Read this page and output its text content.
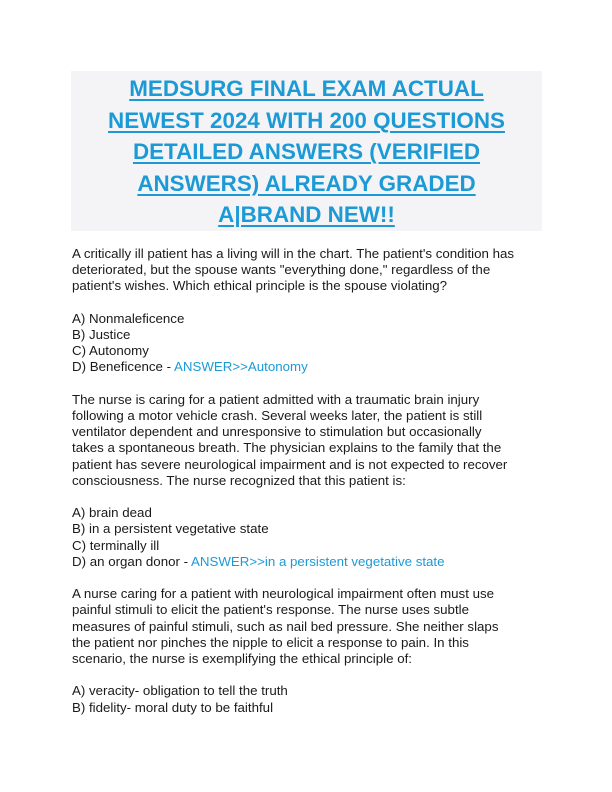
MEDSURG FINAL EXAM ACTUAL
NEWEST 2024 WITH 200 QUESTIONS
DETAILED ANSWERS (VERIFIED
ANSWERS) ALREADY GRADED
A|BRAND NEW!!

A critically ill patient has a living will in the chart. The patient's condition has
deteriorated, but the spouse wants "everything done," regardless of the
patient's wishes. Which ethical principle is the spouse violating?

A) Nonmaleficence
B) Justice
C) Autonomy
D) Beneficence - ANSWER>>Autonomy

The nurse is caring for a patient admitted with a traumatic brain injury
following a motor vehicle crash. Several weeks later, the patient is still
ventilator dependent and unresponsive to stimulation but occasionally
takes a spontaneous breath. The physician explains to the family that the
patient has severe neurological impairment and is not expected to recover
consciousness. The nurse recognized that this patient is:

A) brain dead
B) in a persistent vegetative state
C) terminally ill
D) an organ donor - ANSWER>>in a persistent vegetative state

A nurse caring for a patient with neurological impairment often must use
painful stimuli to elicit the patient's response. The nurse uses subtle
measures of painful stimuli, such as nail bed pressure. She neither slaps
the patient nor pinches the nipple to elicit a response to pain. In this
scenario, the nurse is exemplifying the ethical principle of:

A) veracity- obligation to tell the truth
B) fidelity- moral duty to be faithful
